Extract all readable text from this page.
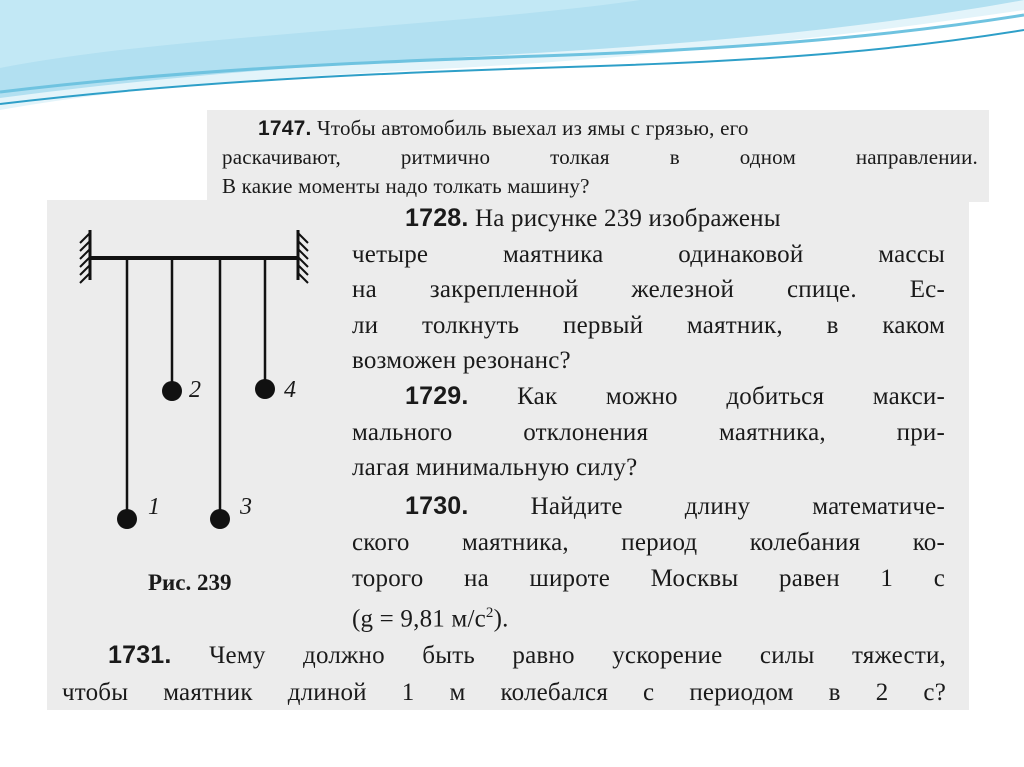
1747. Чтобы автомобиль выехал из ямы с грязью, его
раскачивают, ритмично толкая в одном направлении.
В какие моменты надо толкать машину?
1
2
3
4
Рис. 239
1728. На рисунке 239 изображены
четыре маятника одинаковой массы
на закрепленной железной спице. Ес-
ли толкнуть первый маятник, в каком
возможен резонанс?
1729. Как можно добиться макси-
мального отклонения маятника, при-
лагая минимальную силу?
1730. Найдите длину математиче-
ского маятника, период колебания ко-
торого на широте Москвы равен 1 с
(g = 9,81 $м/с^2$).
1731. Чему должно быть равно ускорение силы тяжести,
чтобы маятник длиной 1 м колебался с периодом в 2 с?
